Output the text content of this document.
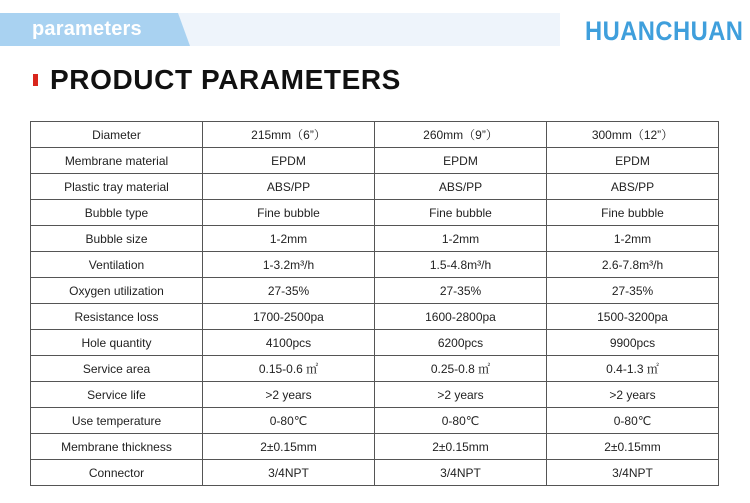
parameters	HUANCHUAN
PRODUCT PARAMETERS
Diameter	215mm（6”）	260mm（9”）	300mm（12”）
Membrane material	EPDM	EPDM	EPDM
Plastic tray material	ABS/PP	ABS/PP	ABS/PP
Bubble type	Fine bubble	Fine bubble	Fine bubble
Bubble size	1-2mm	1-2mm	1-2mm
Ventilation	1-3.2m³/h	1.5-4.8m³/h	2.6-7.8m³/h
Oxygen utilization	27-35%	27-35%	27-35%
Resistance loss	1700-2500pa	1600-2800pa	1500-3200pa
Hole quantity	4100pcs	6200pcs	9900pcs
Service area	0.15-0.6 ㎡	0.25-0.8 ㎡	0.4-1.3 ㎡
Service life	>2 years	>2 years	>2 years
Use temperature	0-80℃	0-80℃	0-80℃
Membrane thickness	2±0.15mm	2±0.15mm	2±0.15mm
Connector	3/4NPT	3/4NPT	3/4NPT
